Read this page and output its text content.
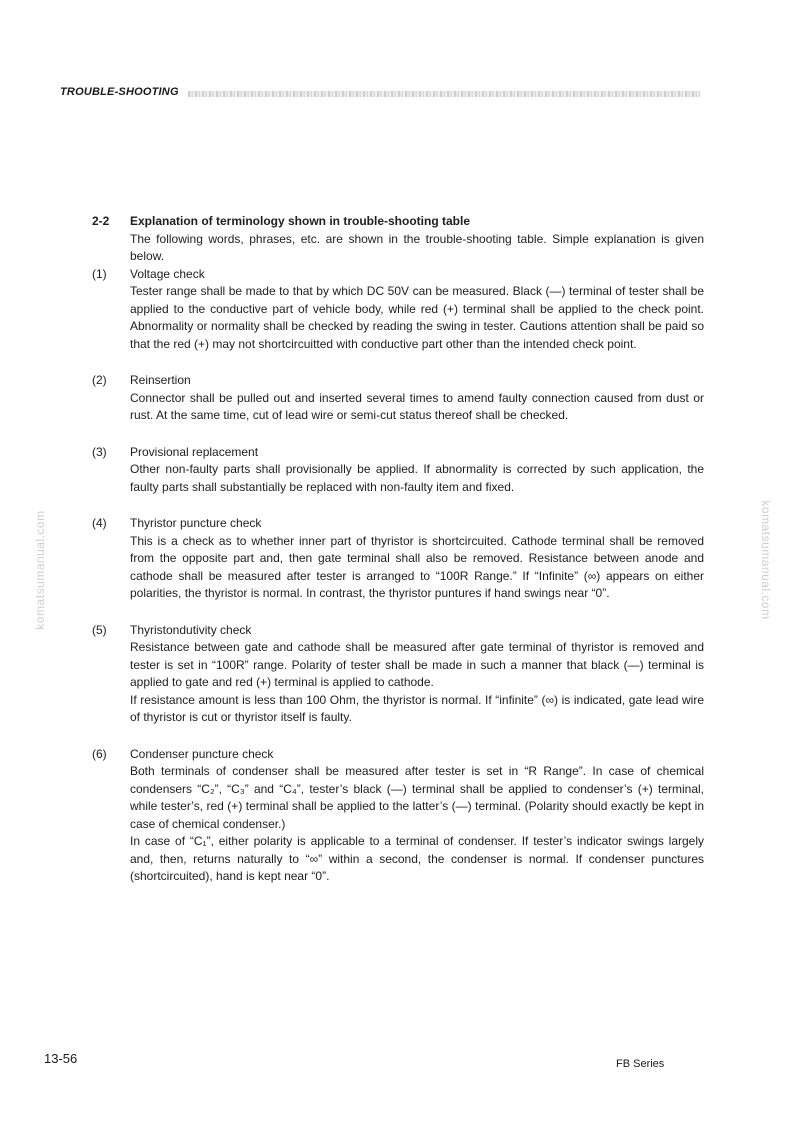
TROUBLE-SHOOTING
komatsumanual.com	komatsumanual.com
2-2	Explanation of terminology shown in trouble-shooting table
The following words, phrases, etc. are shown in the trouble-shooting table. Simple explanation is given below.
(1)	Voltage check
Tester range shall be made to that by which DC 50V can be measured. Black (—) terminal of tester shall be applied to the conductive part of vehicle body, while red (+) terminal shall be applied to the check point. Abnormality or normality shall be checked by reading the swing in tester. Cautions attention shall be paid so that the red (+) may not shortcircuitted with conductive part other than the intended check point.
(2)	Reinsertion
Connector shall be pulled out and inserted several times to amend faulty connection caused from dust or rust. At the same time, cut of lead wire or semi-cut status thereof shall be checked.
(3)	Provisional replacement
Other non-faulty parts shall provisionally be applied. If abnormality is corrected by such application, the faulty parts shall substantially be replaced with non-faulty item and fixed.
(4)	Thyristor puncture check
This is a check as to whether inner part of thyristor is shortcircuited. Cathode terminal shall be removed from the opposite part and, then gate terminal shall also be removed. Resistance between anode and cathode shall be measured after tester is arranged to “100R Range.” If “Infinite” (∞) appears on either polarities, the thyristor is normal. In contrast, the thyristor puntures if hand swings near “0”.
(5)	Thyristondutivity check
Resistance between gate and cathode shall be measured after gate terminal of thyristor is removed and tester is set in “100R” range. Polarity of tester shall be made in such a manner that black (—) terminal is applied to gate and red (+) terminal is applied to cathode.
If resistance amount is less than 100 Ohm, the thyristor is normal. If “infinite” (∞) is indicated, gate lead wire of thyristor is cut or thyristor itself is faulty.
(6)	Condenser puncture check
Both terminals of condenser shall be measured after tester is set in “R Range”. In case of chemical condensers “C₂”, “C₃” and “C₄”, tester’s black (—) terminal shall be applied to condenser’s (+) terminal, while tester’s, red (+) terminal shall be applied to the latter’s (—) terminal. (Polarity should exactly be kept in case of chemical condenser.)
In case of “C₁”, either polarity is applicable to a terminal of condenser. If tester’s indicator swings largely and, then, returns naturally to “∞” within a second, the condenser is normal. If condenser punctures (shortcircuited), hand is kept near “0”.
13-56	FB Series
